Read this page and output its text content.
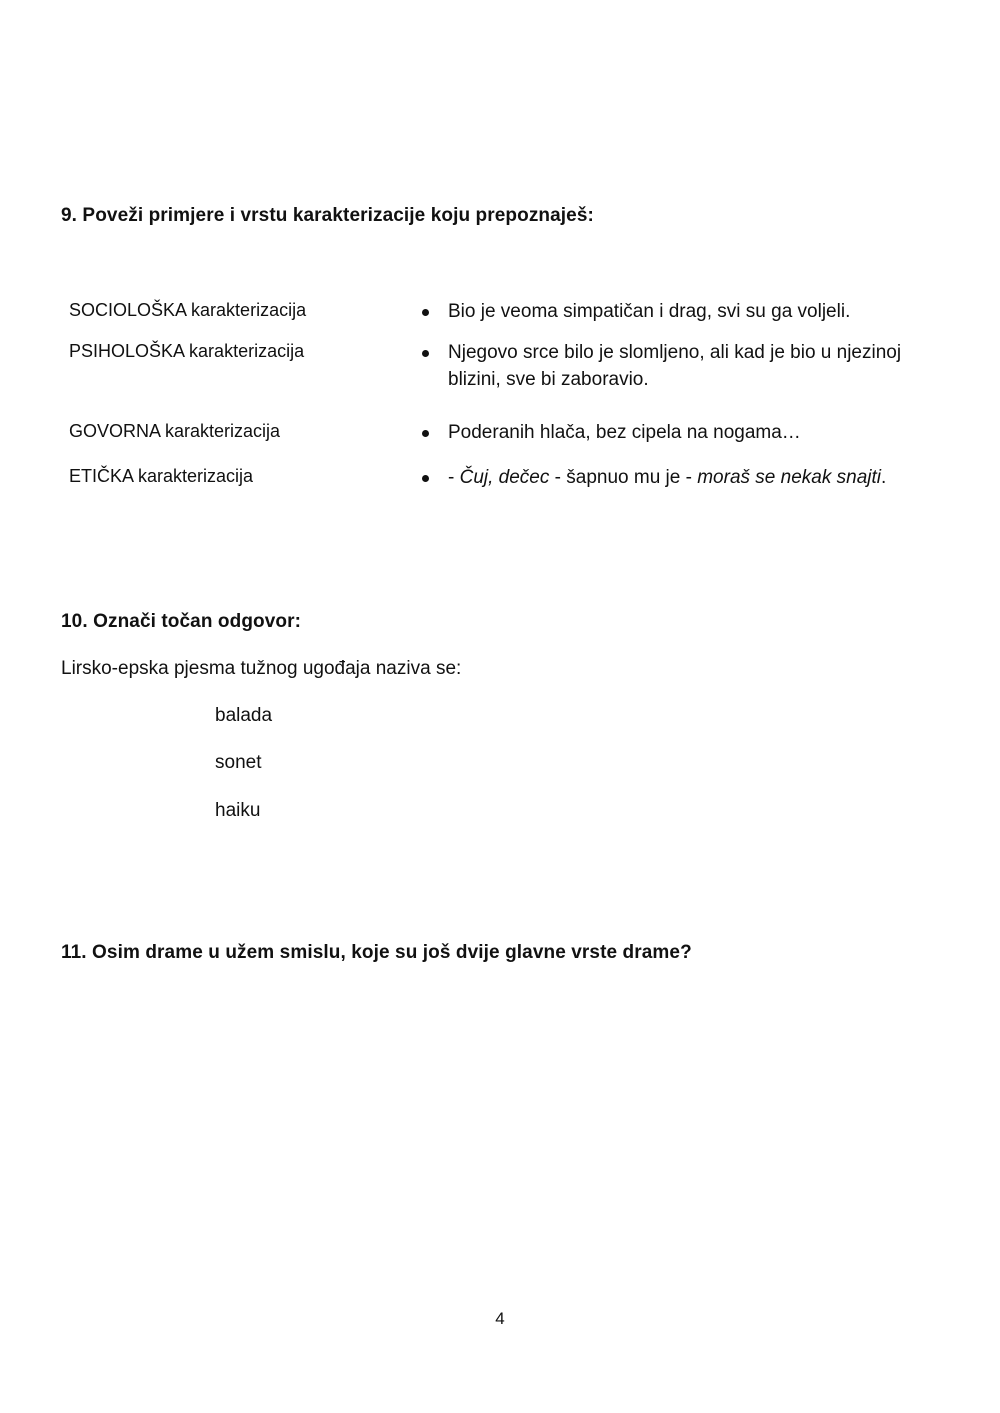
9. Poveži primjere i vrstu karakterizacije koju prepoznaješ:
SOCIOLOŠKA karakterizacija
PSIHOLOŠKA karakterizacija
GOVORNA karakterizacija
ETIČKA karakterizacija
Bio je veoma simpatičan i drag, svi su ga voljeli.
Njegovo srce bilo je slomljeno, ali kad je bio u njezinoj
blizini, sve bi zaboravio.
Poderanih hlača, bez cipela na nogama…
- Čuj, dečec - šapnuo mu je - moraš se nekak snajti.
10. Označi točan odgovor:
Lirsko-epska pjesma tužnog ugođaja naziva se:
balada
sonet
haiku
11. Osim drame u užem smislu, koje su još dvije glavne vrste drame?
4
